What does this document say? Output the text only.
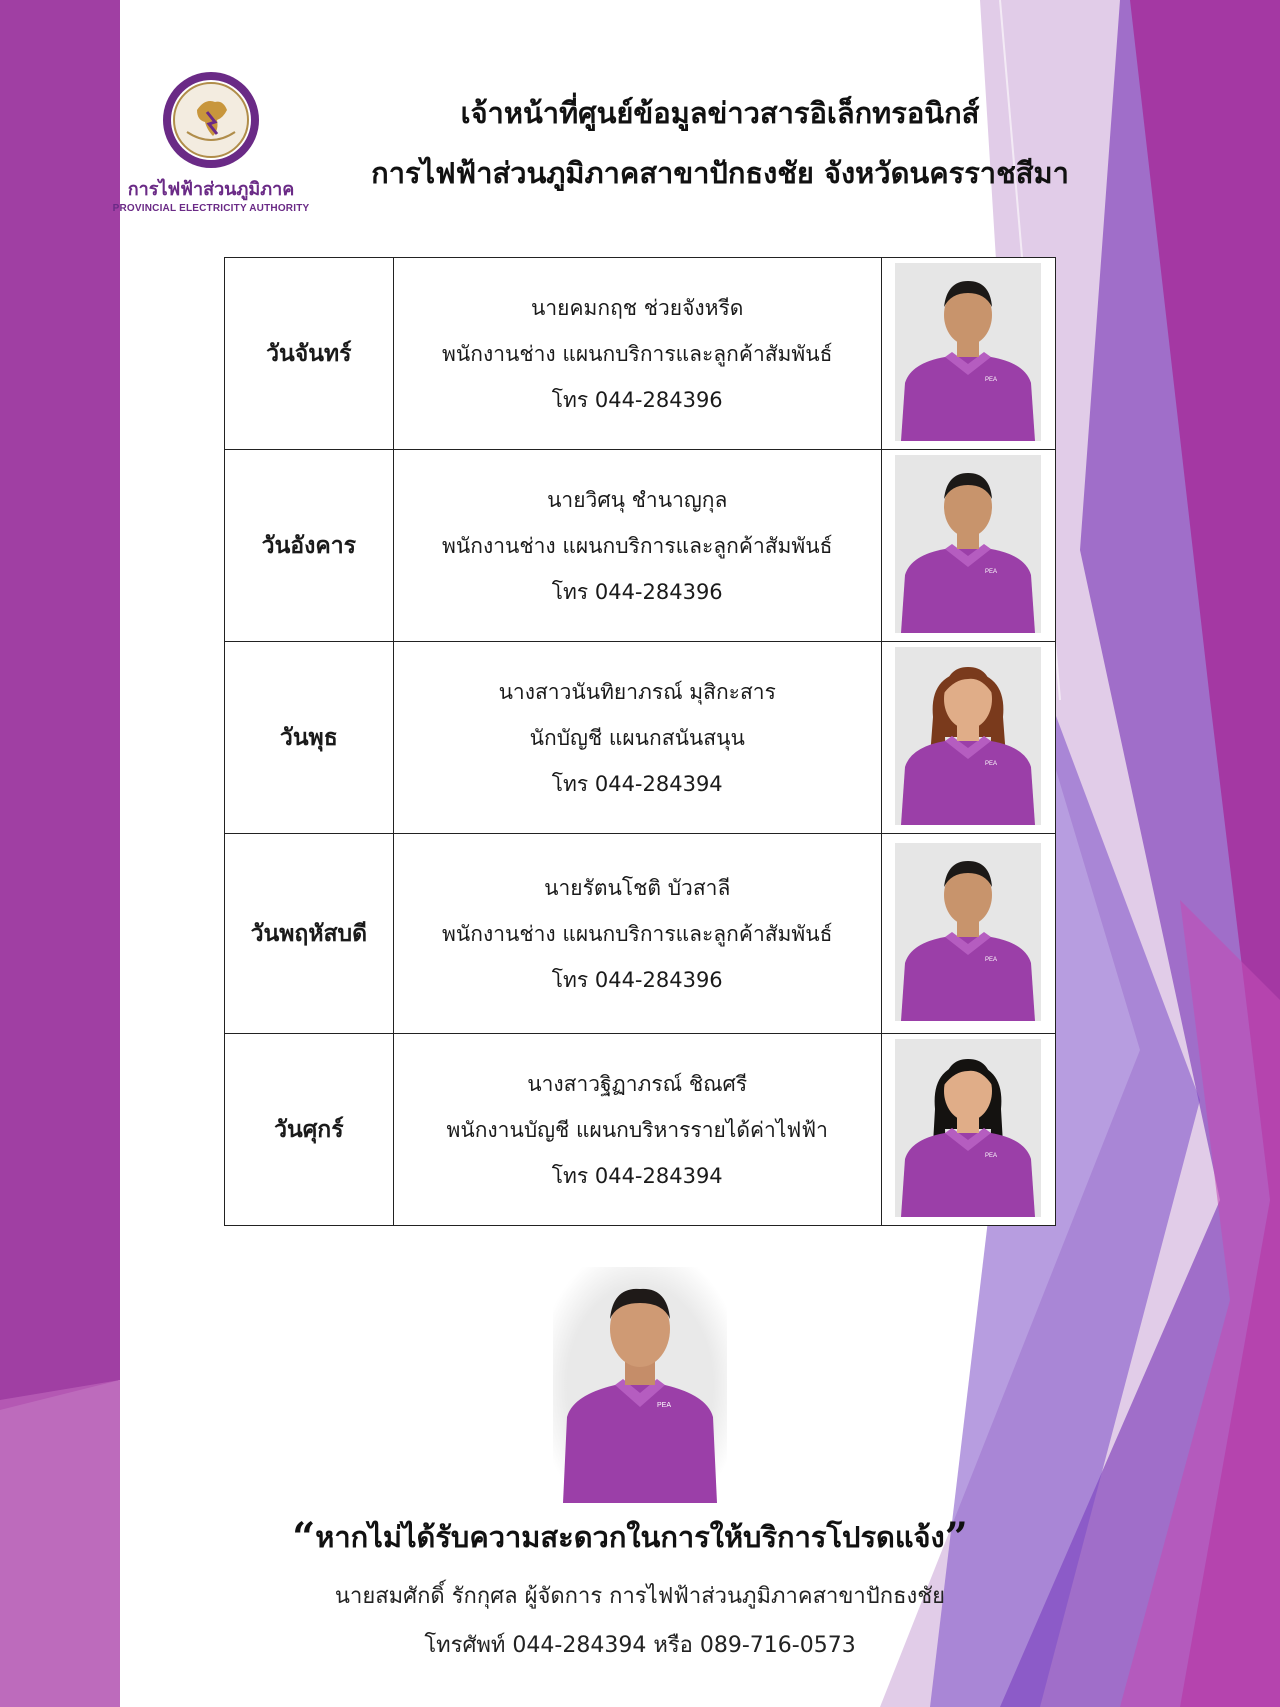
การไฟฟ้าส่วนภูมิภาค
PROVINCIAL ELECTRICITY AUTHORITY
เจ้าหน้าที่ศูนย์ข้อมูลข่าวสารอิเล็กทรอนิกส์
การไฟฟ้าส่วนภูมิภาคสาขาปักธงชัย จังหวัดนครราชสีมา
วันจันทร์	นายคมกฤช ช่วยจังหรีด
พนักงานช่าง แผนกบริการและลูกค้าสัมพันธ์
โทร 044-284396	PEA

วันอังคาร	นายวิศนุ ชำนาญกุล
พนักงานช่าง แผนกบริการและลูกค้าสัมพันธ์
โทร 044-284396	PEA

วันพุธ	นางสาวนันทิยาภรณ์ มุสิกะสาร
นักบัญชี แผนกสนันสนุน
โทร 044-284394	PEA

วันพฤหัสบดี	นายรัตนโชติ บัวสาลี
พนักงานช่าง แผนกบริการและลูกค้าสัมพันธ์
โทร 044-284396	PEA

วันศุกร์	นางสาวฐิฏาภรณ์ ชิณศรี
พนักงานบัญชี แผนกบริหารรายได้ค่าไฟฟ้า
โทร 044-284394	PEA
PEA
“หากไม่ได้รับความสะดวกในการให้บริการโปรดแจ้ง”
นายสมศักดิ์ รักกุศล ผู้จัดการ การไฟฟ้าส่วนภูมิภาคสาขาปักธงชัย
โทรศัพท์ 044-284394 หรือ 089-716-0573
